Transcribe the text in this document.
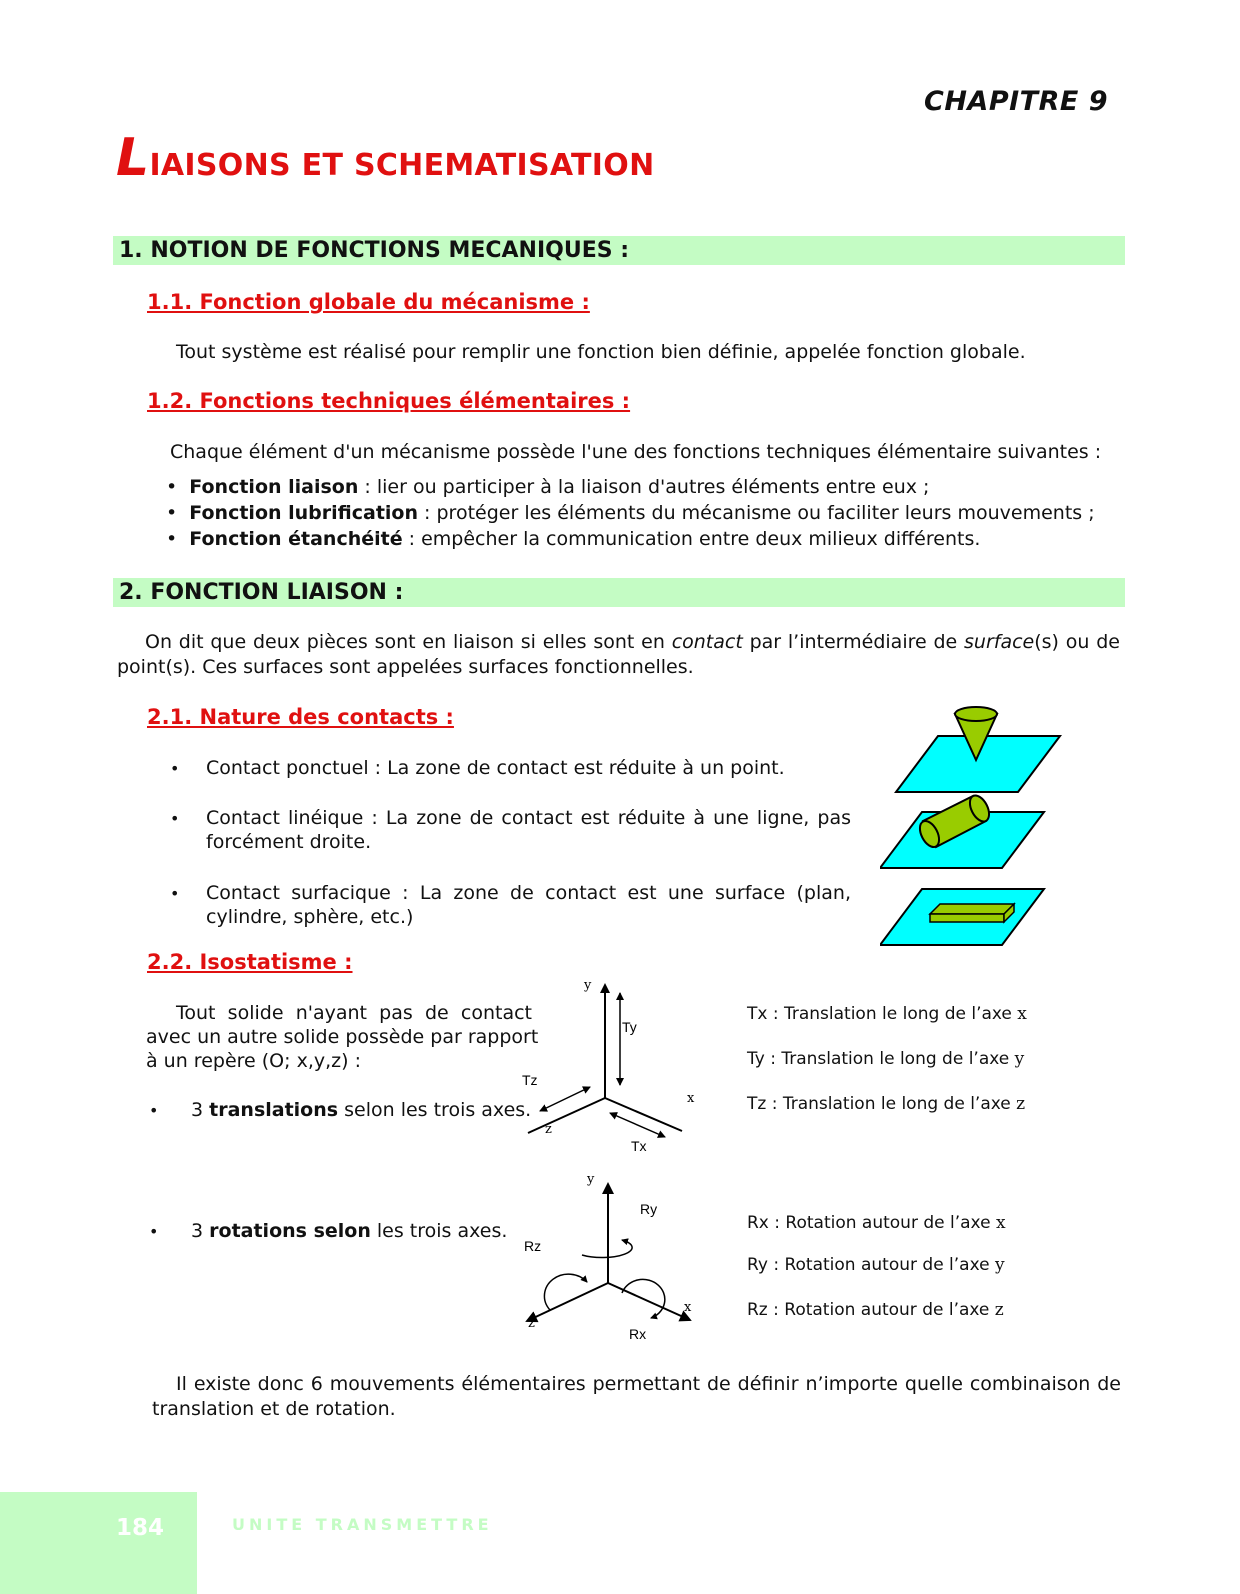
CHAPITRE 9
LIAISONS ET SCHEMATISATION
1. NOTION DE FONCTIONS MECANIQUES :
1.1. Fonction globale du mécanisme :
Tout système est réalisé pour remplir une fonction bien définie, appelée fonction globale.
1.2. Fonctions techniques élémentaires :
Chaque élément d'un mécanisme possède l'une des fonctions techniques élémentaire suivantes :
•  Fonction liaison : lier ou participer à la liaison d'autres éléments entre eux ;
•  Fonction lubrification : protéger les éléments du mécanisme ou faciliter leurs mouvements ;
•  Fonction étanchéité : empêcher la communication entre deux milieux différents.
2. FONCTION LIAISON :
On dit que deux pièces sont en liaison si elles sont en contact par l’intermédiaire de surface(s) ou de
point(s). Ces surfaces sont appelées surfaces fonctionnelles.
2.1. Nature des contacts :
• Contact ponctuel : La zone de contact est réduite à un point.
• Contact linéique : La zone de contact est réduite à une ligne, pas
forcément droite.
• Contact surfacique : La zone de contact est une surface (plan,
cylindre, sphère, etc.)
2.2. Isostatisme :
Tout solide n'ayant pas de contact
avec un autre solide possède par rapport
à un repère (O; x,y,z) :
• 3 translations selon les trois axes.
• 3 rotations selon les trois axes.
y
x
z
Ty
Tz
Tx
Tx : Translation le long de l’axe x
Ty : Translation le long de l’axe y
Tz : Translation le long de l’axe z
y
x
z
Ry
Rz
Rx
Rx : Rotation autour de l’axe x
Ry : Rotation autour de l’axe y
Rz : Rotation autour de l’axe z
Il existe donc 6 mouvements élémentaires permettant de définir n’importe quelle combinaison de
translation et de rotation.
184	UNITE TRANSMETTRE
